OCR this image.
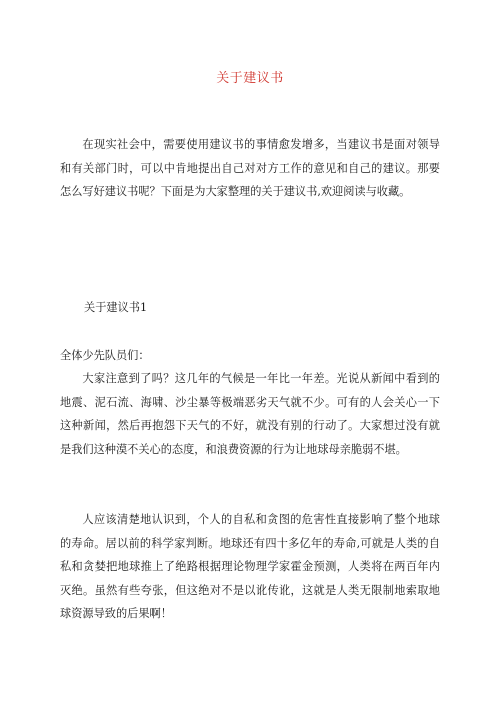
关于建议书

在现实社会中，需要使用建议书的事情愈发增多，当建议书是面对领导和有关部门时，可以中肯地提出自己对对方工作的意见和自己的建议。那要怎么写好建议书呢？下面是为大家整理的关于建议书,欢迎阅读与收藏。

关于建议书1
全体少先队员们：

大家注意到了吗？这几年的气候是一年比一年差。光说从新闻中看到的地震、泥石流、海啸、沙尘暴等极端恶劣天气就不少。可有的人会关心一下这种新闻，然后再抱怨下天气的不好，就没有别的行动了。大家想过没有就是我们这种漠不关心的态度，和浪费资源的行为让地球母亲脆弱不堪。

人应该清楚地认识到，个人的自私和贪图的危害性直接影响了整个地球的寿命。居以前的科学家判断。地球还有四十多亿年的寿命,可就是人类的自私和贪婪把地球推上了绝路根据理论物理学家霍金预测，人类将在两百年内灭绝。虽然有些夸张，但这绝对不是以讹传讹，这就是人类无限制地索取地球资源导致的后果啊！
